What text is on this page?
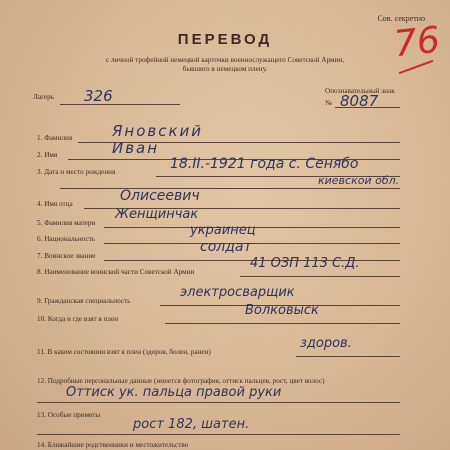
Сов. секретно
76
ПЕРЕВОД
с личной трофейной немецкой карточки военнослужащего Советской Армии,
бывшего в немецком плену.
Лагерь 326	Опознавательный знак
№ 8087
1. Фамилия	Яновский
2. Имя	Иван
3. Дата и место рождения	18.II.-1921 года с. Сенябо
киевской обл.
4. Имя отца	Олисеевич
5. Фамилия матери
Женщинчак
6. Национальность
украинец
7. Воинское звание
солдат
8. Наименование воинской части Советской Армии
41 ОЗП 113 С.Д.
9. Гражданская специальность
электросварщик
10. Когда и где взят в плен
Волковыск
11. В каком состоянии взят в плен (здоров, болен, ранен)
здоров.
12. Подробные персональные данные (имеется фотография, оттиск пальцев, рост, цвет волос)
Оттиск ук. пальца правой руки
13. Особые приметы
рост 182, шатен.
14. Ближайшие родственники и местожительство
